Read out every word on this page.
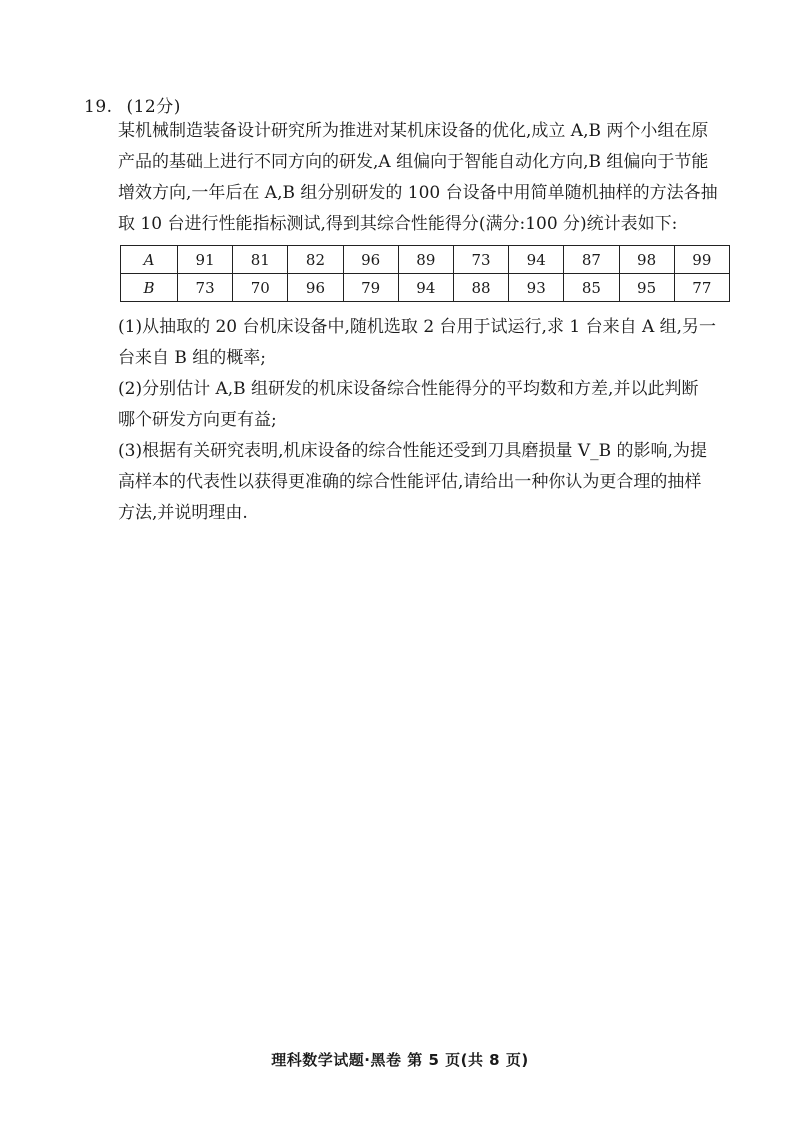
19. (12分)
某机械制造装备设计研究所为推进对某机床设备的优化,成立 A,B 两个小组在原
产品的基础上进行不同方向的研发,A 组偏向于智能自动化方向,B 组偏向于节能
增效方向,一年后在 A,B 组分别研发的 100 台设备中用简单随机抽样的方法各抽
取 10 台进行性能指标测试,得到其综合性能得分(满分:100 分)统计表如下:
A	91	81	82	96	89	73	94	87	98	99
B	73	70	96	79	94	88	93	85	95	77
(1)从抽取的 20 台机床设备中,随机选取 2 台用于试运行,求 1 台来自 A 组,另一
台来自 B 组的概率;
(2)分别估计 A,B 组研发的机床设备综合性能得分的平均数和方差,并以此判断
哪个研发方向更有益;
(3)根据有关研究表明,机床设备的综合性能还受到刀具磨损量 V_B 的影响,为提
高样本的代表性以获得更准确的综合性能评估,请给出一种你认为更合理的抽样
方法,并说明理由.
理科数学试题·黑卷 第 5 页(共 8 页)
